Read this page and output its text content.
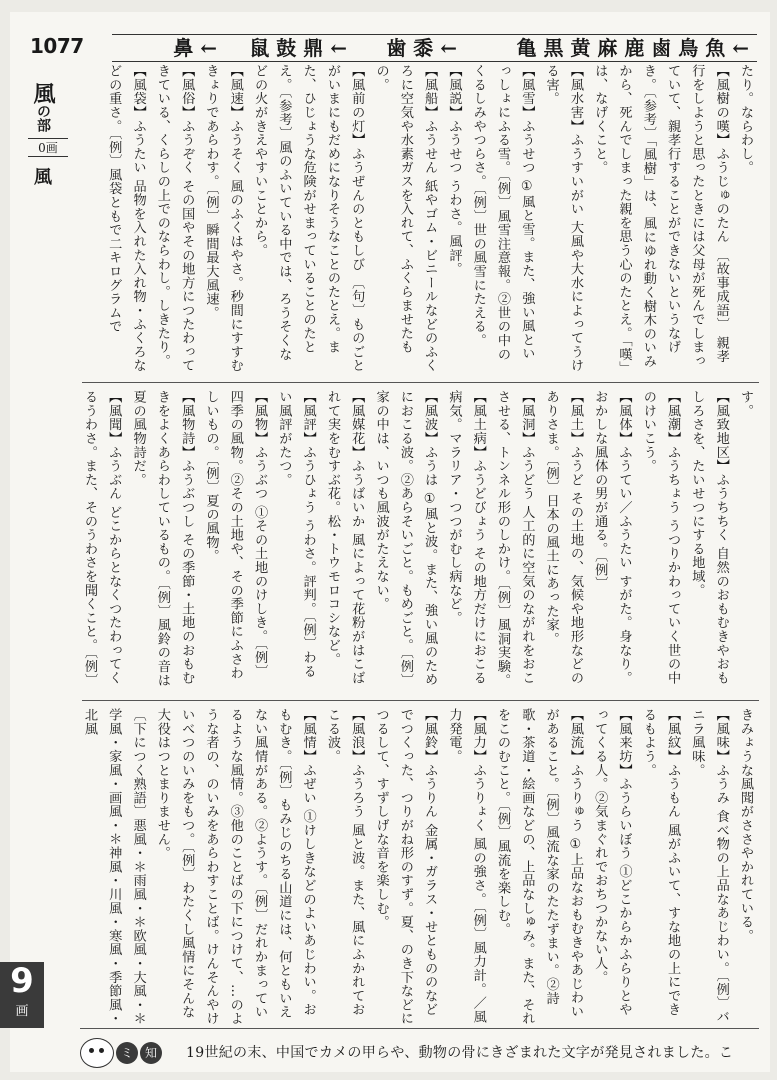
1077	亀 黒 黄 麻 鹿 鹵 鳥 魚 ←
歯 黍 ←
鼠 鼓 鼎 ←
鼻 ←
風の部
0画
風

たり。ならわし。

【風樹の嘆】ふうじゅのたん 〔故事成語〕 親孝行をしようと思ったときには父母が死んでしまっていて、親孝行することができないというなげき。〔参考〕「風樹」は、風にゆれ動く樹木のいみから、死んでしまった親を思う心のたとえ。「嘆」は、なげくこと。

【風水害】ふうすいがい 大風や大水によってうける害。

【風雪】ふうせつ ①風と雪。また、強い風といっしょにふる雪。〔例〕風雪注意報。②世の中のくるしみやつらさ。〔例〕世の風雪にたえる。

【風説】ふうせつ うわさ。風評。

【風船】ふうせん 紙やゴム・ビニールなどのふくろに空気や水素ガスを入れて、ふくらませたもの。

【風前の灯】ふうぜんのともしび 〔句〕ものごとがいまにもだめになりそうなことのたとえ。また、ひじょうな危険がせまっていることのたとえ。〔参考〕風のふいている中では、ろうそくなどの火がきえやすいことから。

【風速】ふうそく 風のふくはやさ。秒間にすすむきょりであらわす。〔例〕瞬間最大風速。

【風俗】ふうぞく その国やその地方につたわってきている、くらしの上でのならわし。しきたり。

【風袋】ふうたい 品物を入れた入れ物・ふくろなどの重さ。〔例〕風袋ともで二キログラムで

す。

【風致地区】ふうちちく 自然のおもむきやおもしろさを、たいせつにする地域。

【風潮】ふうちょう うつりかわっていく世の中のけいこう。

【風体】ふうてい／ふうたい すがた。身なり。おかしな風体の男が通る。〔例〕

【風土】ふうど その土地の、気候や地形などのありさま。〔例〕日本の風土にあった家。

【風洞】ふうどう 人工的に空気のながれをおこさせる、トンネル形のしかけ。〔例〕風洞実験。

【風土病】ふうどびょう その地方だけにおこる病気。マラリア・つつがむし病など。

【風波】ふうは ①風と波。また、強い風のためにおこる波。②あらそいごと。もめごと。〔例〕家の中は、いつも風波がたえない。

【風媒花】ふうばいか 風によって花粉がはこばれて実をむすぶ花。松・トウモロコシなど。

【風評】ふうひょう うわさ。評判。〔例〕わるい風評がたつ。

【風物】ふうぶつ ①その土地のけしき。〔例〕四季の風物。②その土地や、その季節にふさわしいもの。〔例〕夏の風物。

【風物詩】ふうぶつし その季節・土地のおもむきをよくあらわしているもの。〔例〕風鈴の音は夏の風物詩だ。

【風聞】ふうぶん どこからとなくつたわってくるうわさ。また、そのうわさを聞くこと。〔例〕

きみょうな風聞がささやかれている。

【風味】ふうみ 食べ物の上品なあじわい。〔例〕バニラ風味。

【風紋】ふうもん 風がふいて、すな地の上にできるもよう。

【風来坊】ふうらいぼう ①どこからかふらりとやってくる人。②気まぐれでおちつかない人。

【風流】ふうりゅう ①上品なおもむきやあじわいがあること。〔例〕風流な家のたたずまい。②詩歌・茶道・絵画などの、上品なしゅみ。また、それをこのむこと。〔例〕風流を楽しむ。

【風力】ふうりょく 風の強さ。〔例〕風力計。／風力発電。

【風鈴】ふうりん 金属・ガラス・せともののなどでつくった、つりがね形のすず。夏、のき下などにつるして、すずしげな音を楽しむ。

【風浪】ふうろう 風と波。また、風にふかれておこる波。

【風情】ふぜい ①けしきなどのよいあじわい。おもむき。〔例〕もみじのちる山道には、何ともいえない風情がある。②ようす。〔例〕だれかまっているような風情。③他のことばの下につけて、…のような者の、のいみをあらわすことば。けんそんやけいべつのいみをもつ。〔例〕わたくし風情にそんな大役はつとまりません。

〔下につく熟語〕悪風・＊雨風・＊欧風・大風・＊学風・家風・画風・＊神風・川風・寒風・季節風・北風

9
画
ミ 知	19世紀の末、中国でカメの甲らや、動物の骨にきざまれた文字が発見されました。こ
